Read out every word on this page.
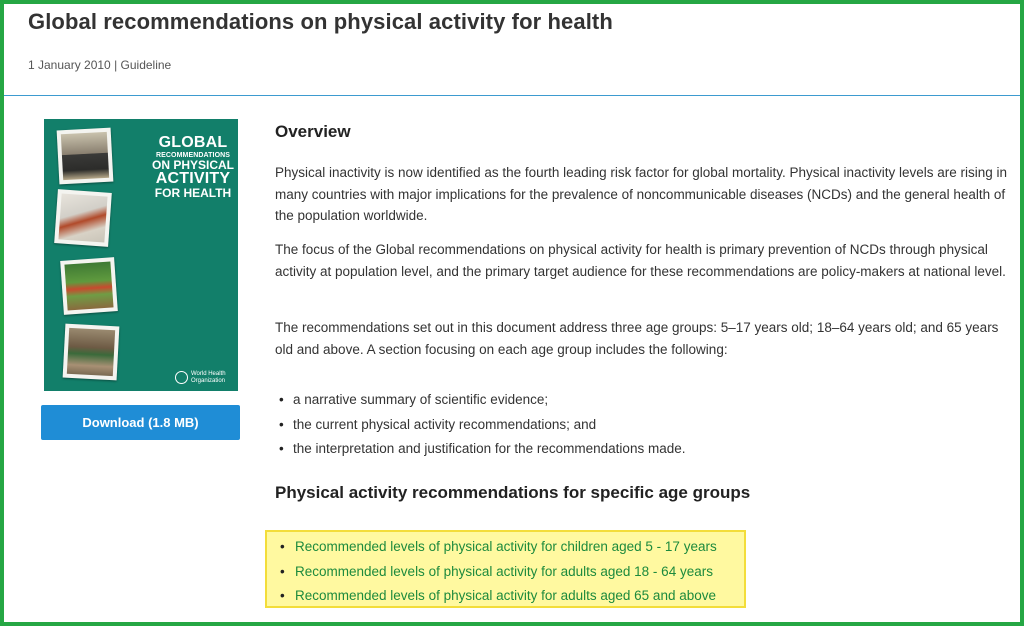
Global recommendations on physical activity for health
1 January 2010 | Guideline
GLOBAL
RECOMMENDATIONS
ON PHYSICAL
ACTIVITY
FOR HEALTH
World Health
Organization
Download (1.8 MB)
Overview

Physical inactivity is now identified as the fourth leading risk factor for global mortality. Physical inactivity levels are rising in many countries with major implications for the prevalence of noncommunicable diseases (NCDs) and the general health of the population worldwide.

The focus of the Global recommendations on physical activity for health is primary prevention of NCDs through physical activity at population level, and the primary target audience for these recommendations are policy-makers at national level.

The recommendations set out in this document address three age groups: 5–17 years old; 18–64 years old; and 65 years old and above. A section focusing on each age group includes the following:

• a narrative summary of scientific evidence;
• the current physical activity recommendations; and
• the interpretation and justification for the recommendations made.
Physical activity recommendations for specific age groups
• Recommended levels of physical activity for children aged 5 - 17 years
• Recommended levels of physical activity for adults aged 18 - 64 years
• Recommended levels of physical activity for adults aged 65 and above
